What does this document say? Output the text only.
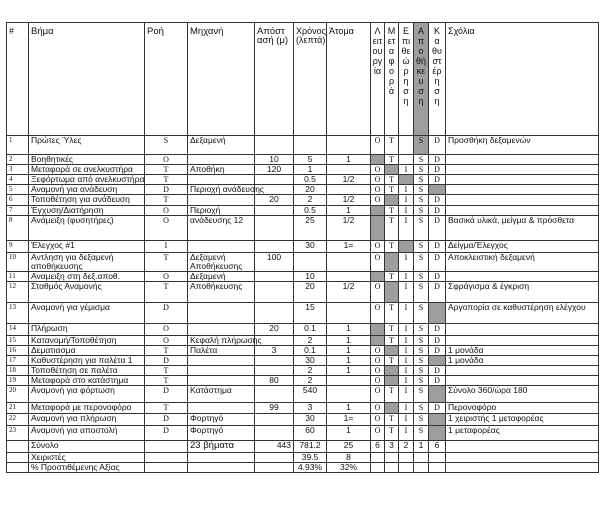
#	Βήμα	Ροή	Μηχανή	Απόστ ασή (μ)	Χρόνος (λεπτά)	Άτομα	Λειτουργία	Μεταφορά	Επιθεώρηση	Αποθήκευση	Καθυστέρηση	Σχόλια
1	Πρώτες Ύλες	S	Δεξαμενή				O	T		S	D	Προσθήκη δεξαμενών
2	Βοηθητικές	O		10	5	1		T		S	D	
3	Μεταφορά σε ανελκυστήρα	T	Αποθήκη	120	1		O		I	S	D	
4	Ξεφόρτωμα από ανελκυστήρα	T			0.5	1/2	O	T		S	D	
5	Αναμονή για ανάδευση	D	Περιοχή ανάδευσης		20		O	T	I	S		
6	Τοποθέτηση για ανάδευση	T		20	2	1/2	O		I	S	D	
7	Έγχυση/Διατήρηση	O	Περιοχή		0.5	1		T	I	S	D	
8	Ανάμειξη (φυσητήρες)	O	ανάδευσης 12		25	1/2		T	I	S	D	Βασικά υλικά, μείγμα & πρόσθετα
9	Έλεγχος #1	I			30	1=	O	T		S	D	Δείγμα/Έλεγχος
10	Αντληση για δεξαμενή αποθήκευσης	T	Δεξαμενή Αποθήκευσης	100			O		I	S	D	Αποκλειστική δεξαμενή
11	Αναμειξη στη δεξ.αποθ.	O	Δεξαμενή		10			T	I	S	D	
12	Σταθμός Αναμονής	T	Αποθήκευσης		20	1/2	O		I	S	D	Σφράγισμα & έγκριση
13	Αναμονή για γέμισμα	D			15		O	T	I	S		Αργοπορία σε καθυστέρηση ελέγχου
14	Πλήρωση	O		20	0.1	1		T	I	S	D	
15	Κατανομή/Τοποθέτηση	O	Κεφαλή πλήρωσης		2	1		T	I	S	D	
16	Δεματιασμα	T	Παλέτα	3	0.1	1	O		I	S	D	1 μονάδα
17	Καθυστέρηση για παλέτα 1	D			30	1	O	T	I	S		1 μονάδα
18	Τοποθέτηση σε παλέτα	T			2	1	O		I	S	D	
19	Μεταφορά στο κατάστημα	T		80	2		O		I	S	D	
20	Αναμονή για φόρτωση	D	Κατάστημα		540		O	T	I	S		Σύνολο 360/ώρα 180
21	Μεταφορά με περονοφόρο	T		99	3	1	O		I	S	D	Περονοφόρο
22	Αναμονή για πλήρωση	D	Φορτηγό		30	1=	O	T	I	S		1 χειριστής 1 μεταφορέας
23	Αναμονή για αποστολή	D	Φορτηγό		60	1	O	T	I	S		1 μεταφορέας
	Σύνολο		23 βήματα	443	781.2	25	6	3	2	1	6	
	Χειριστές				39.5	8						
	% Προστιθέμενης Αξίας				4.93%	32%						
